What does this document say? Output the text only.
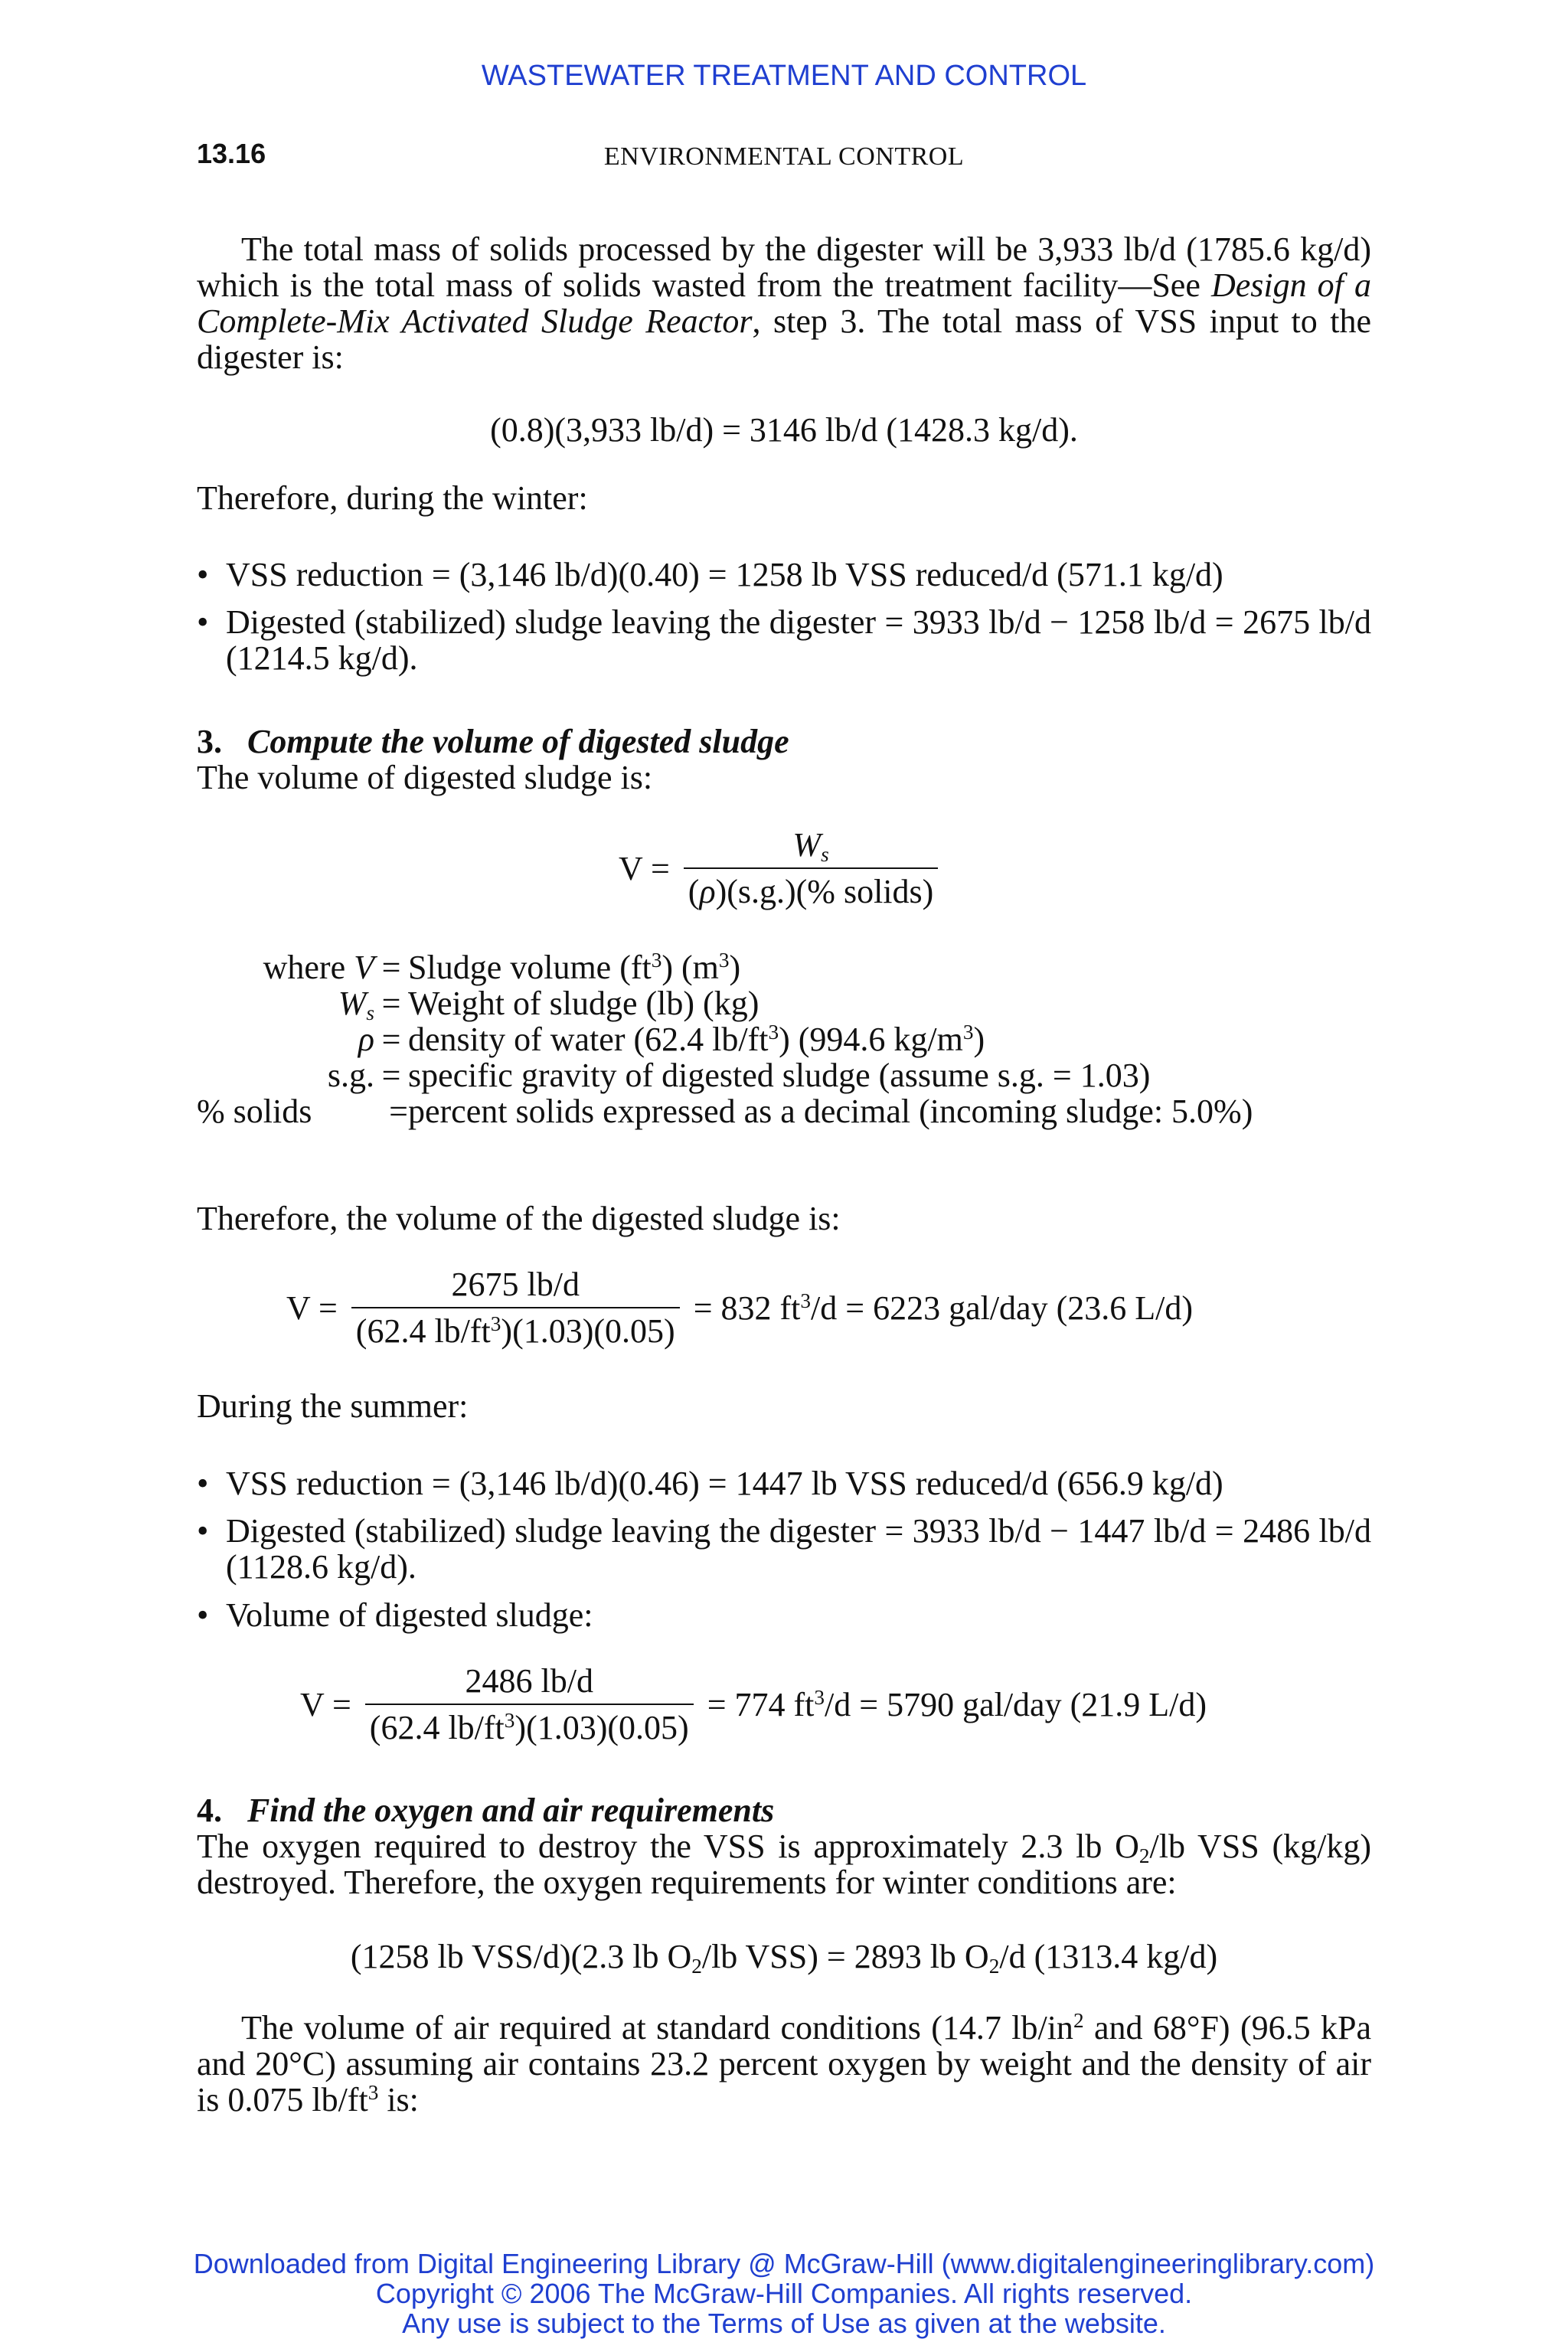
WASTEWATER TREATMENT AND CONTROL
13.16	ENVIRONMENTAL CONTROL
The total mass of solids processed by the digester will be 3,933 lb/d (1785.6 kg/d) which is the total mass of solids wasted from the treatment facility—See Design of a Complete-Mix Activated Sludge Reactor, step 3. The total mass of VSS input to the digester is:
(0.8)(3,933 lb/d) = 3146 lb/d (1428.3 kg/d).
Therefore, during the winter:
• VSS reduction = (3,146 lb/d)(0.40) = 1258 lb VSS reduced/d (571.1 kg/d)
• Digested (stabilized) sludge leaving the digester = 3933 lb/d − 1258 lb/d = 2675 lb/d (1214.5 kg/d).
3. Compute the volume of digested sludge
The volume of digested sludge is:
$V = \frac{W_s}{\text{(ρ)(s.g.)(\% solids)}}$
where V = Sludge volume $(ft^3)$ $(m^3)$
$W_s$ = Weight of sludge (lb) (kg)
ρ = density of water (62.4 $lb/ft^3$) (994.6 $kg/m^3$)
s.g. = specific gravity of digested sludge (assume s.g. = 1.03)
% solids	= percent solids expressed as a decimal (incoming sludge: 5.0%)
Therefore, the volume of the digested sludge is:
$V = \frac{2675 lb/d}{(62.4 lb/ft^3)(1.03)(0.05)} = 832$ $ft^3/d = 6223$ gal/day (23.6 L/d)
During the summer:
• VSS reduction = (3,146 lb/d)(0.46) = 1447 lb VSS reduced/d (656.9 kg/d)
• Digested (stabilized) sludge leaving the digester = 3933 lb/d − 1447 lb/d = 2486 lb/d (1128.6 kg/d).
• Volume of digested sludge:
$V = \frac{2486 lb/d}{(62.4 lb/ft^3)(1.03)(0.05)} = 774$ $ft^3/d = 5790$ gal/day (21.9 L/d)
4. Find the oxygen and air requirements
The oxygen required to destroy the VSS is approximately 2.3 lb $O_2/lb$ VSS (kg/kg) destroyed. Therefore, the oxygen requirements for winter conditions are:
(1258 lb VSS/d)(2.3 lb $O_2/lb$ VSS) = 2893 lb $O_2/d$ (1313.4 kg/d)
The volume of air required at standard conditions (14.7 $lb/in^2$ and 68°F) (96.5 kPa and 20°C) assuming air contains 23.2 percent oxygen by weight and the density of air is 0.075 $lb/ft^3$ is:
Downloaded from Digital Engineering Library @ McGraw-Hill (www.digitalengineeringlibrary.com)
Copyright © 2006 The McGraw-Hill Companies. All rights reserved.
Any use is subject to the Terms of Use as given at the website.
